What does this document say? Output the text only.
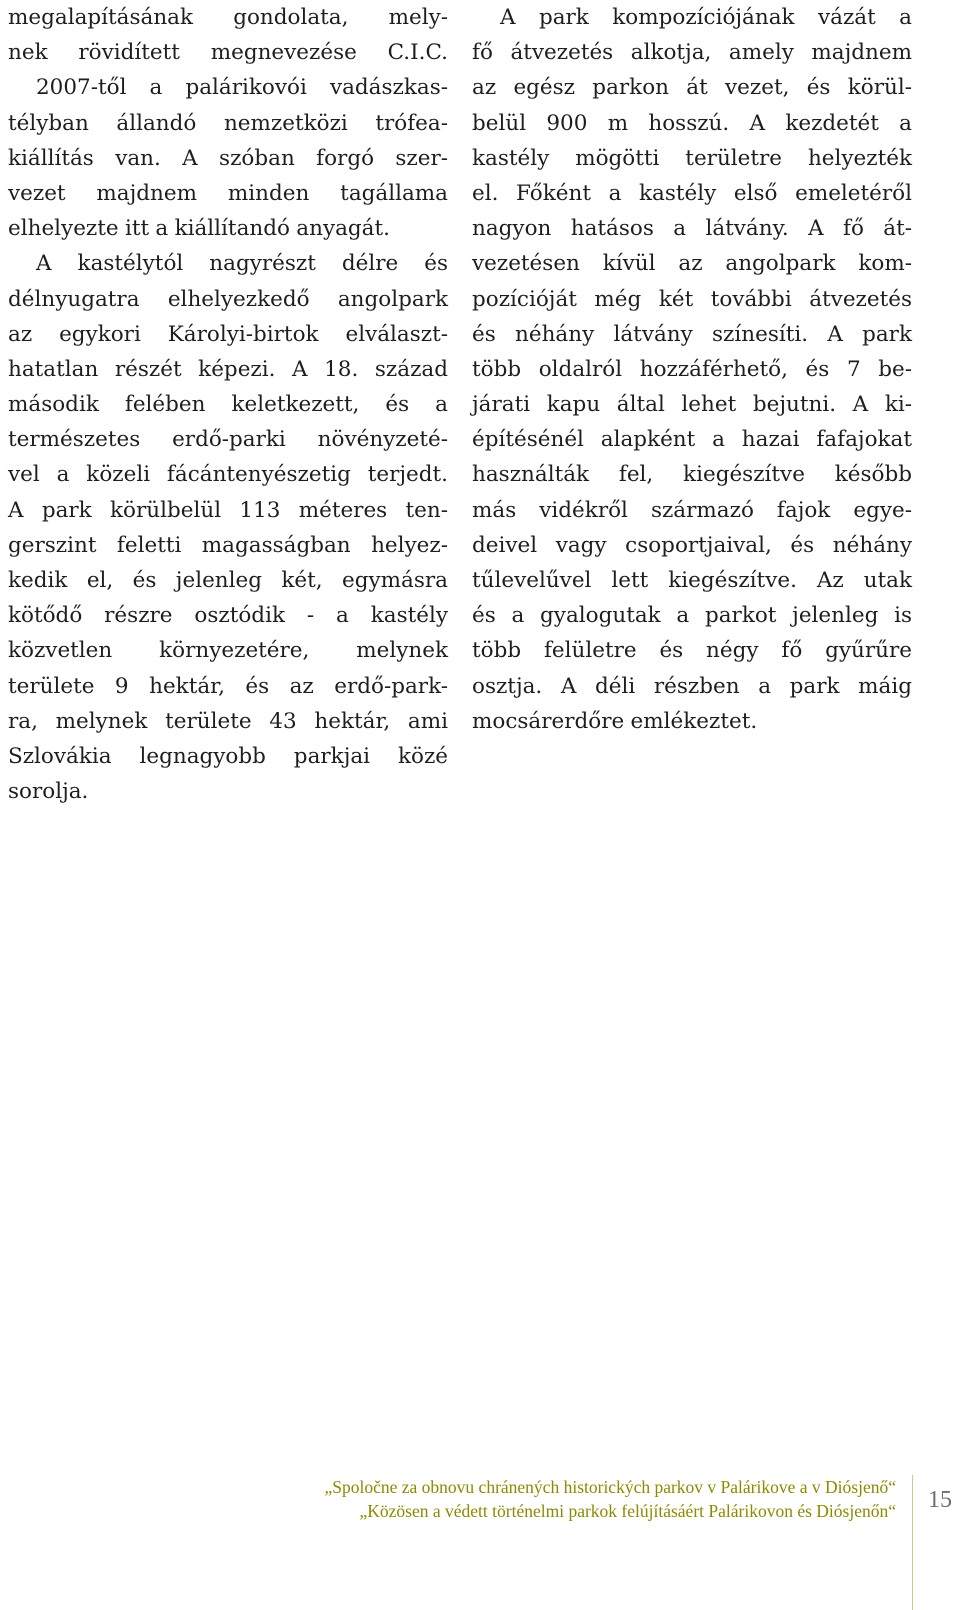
megalapításának gondolata, mely-
nek rövidített megnevezése C.I.C.
2007-től a palárikovói vadászkas-
télyban állandó nemzetközi trófea-
kiállítás van. A szóban forgó szer-
vezet majdnem minden tagállama
elhelyezte itt a kiállítandó anyagát.
A kastélytól nagyrészt délre és
délnyugatra elhelyezkedő angolpark
az egykori Károlyi-birtok elválaszt-
hatatlan részét képezi. A 18. század
második felében keletkezett, és a
természetes erdő-parki növényzeté-
vel a közeli fácántenyészetig terjedt.
A park körülbelül 113 méteres ten-
gerszint feletti magasságban helyez-
kedik el, és jelenleg két, egymásra
kötődő részre osztódik - a kastély
közvetlen környezetére, melynek
területe 9 hektár, és az erdő-park-
ra, melynek területe 43 hektár, ami
Szlovákia legnagyobb parkjai közé
sorolja.
A park kompozíciójának vázát a
fő átvezetés alkotja, amely majdnem
az egész parkon át vezet, és körül-
belül 900 m hosszú. A kezdetét a
kastély mögötti területre helyezték
el. Főként a kastély első emeletéről
nagyon hatásos a látvány. A fő át-
vezetésen kívül az angolpark kom-
pozícióját még két további átvezetés
és néhány látvány színesíti. A park
több oldalról hozzáférhető, és 7 be-
járati kapu által lehet bejutni. A ki-
építésénél alapként a hazai fafajokat
használták fel, kiegészítve később
más vidékről származó fajok egye-
deivel vagy csoportjaival, és néhány
tűlevelűvel lett kiegészítve. Az utak
és a gyalogutak a parkot jelenleg is
több felületre és négy fő gyűrűre
osztja. A déli részben a park máig
mocsárerdőre emlékeztet.
„Spoločne za obnovu chránených historických parkov v Palárikove a v Diósjenő“
„Közösen a védett történelmi parkok felújításáért Palárikovon és Diósjenőn“ 15
